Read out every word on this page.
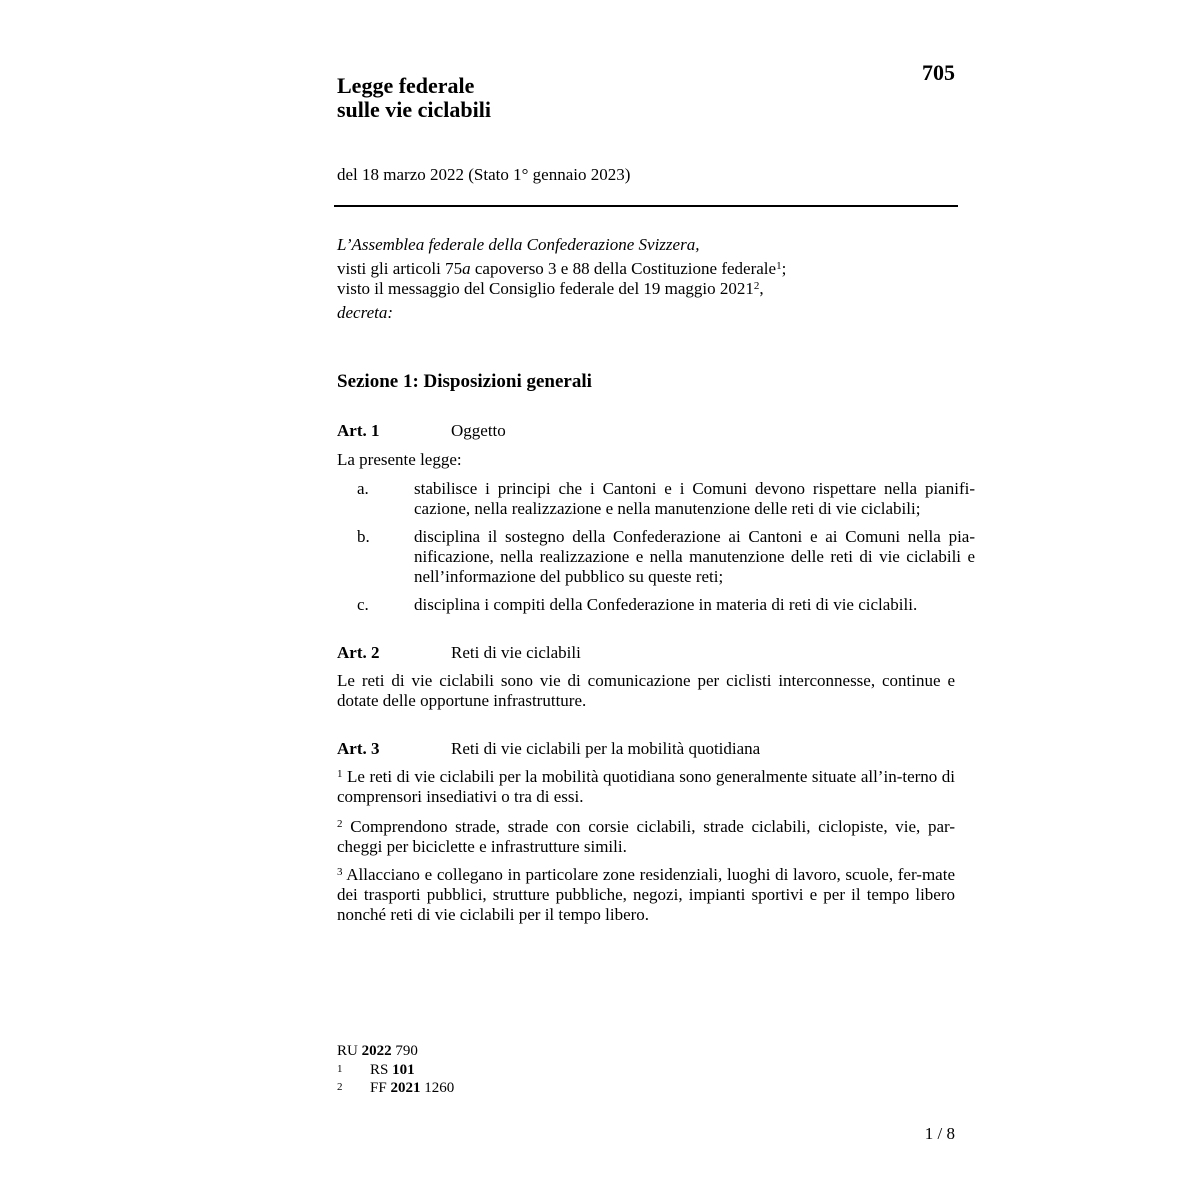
Legge federale
sulle vie ciclabili
705
del 18 marzo 2022 (Stato 1° gennaio 2023)
L’Assemblea federale della Confederazione Svizzera,
visti gli articoli 75a capoverso 3 e 88 della Costituzione federale$^1$;
visto il messaggio del Consiglio federale del 19 maggio 2021$^2$,
decreta:
Sezione 1: Disposizioni generali
Art. 1	Oggetto
La presente legge:
a.	stabilisce i principi che i Cantoni e i Comuni devono rispettare nella pianifi-cazione, nella realizzazione e nella manutenzione delle reti di vie ciclabili;
b.	disciplina il sostegno della Confederazione ai Cantoni e ai Comuni nella pia-nificazione, nella realizzazione e nella manutenzione delle reti di vie ciclabili e nell’informazione del pubblico su queste reti;
c.	disciplina i compiti della Confederazione in materia di reti di vie ciclabili.
Art. 2	Reti di vie ciclabili
Le reti di vie ciclabili sono vie di comunicazione per ciclisti interconnesse, continue e dotate delle opportune infrastrutture.
Art. 3	Reti di vie ciclabili per la mobilità quotidiana
$^1$ Le reti di vie ciclabili per la mobilità quotidiana sono generalmente situate all’in-terno di comprensori insediativi o tra di essi.
$^2$ Comprendono strade, strade con corsie ciclabili, strade ciclabili, ciclopiste, vie, par-cheggi per biciclette e infrastrutture simili.
$^3$ Allacciano e collegano in particolare zone residenziali, luoghi di lavoro, scuole, fer-mate dei trasporti pubblici, strutture pubbliche, negozi, impianti sportivi e per il tempo libero nonché reti di vie ciclabili per il tempo libero.
RU 2022 790
1 RS 101
2 FF 2021 1260
1 / 8
